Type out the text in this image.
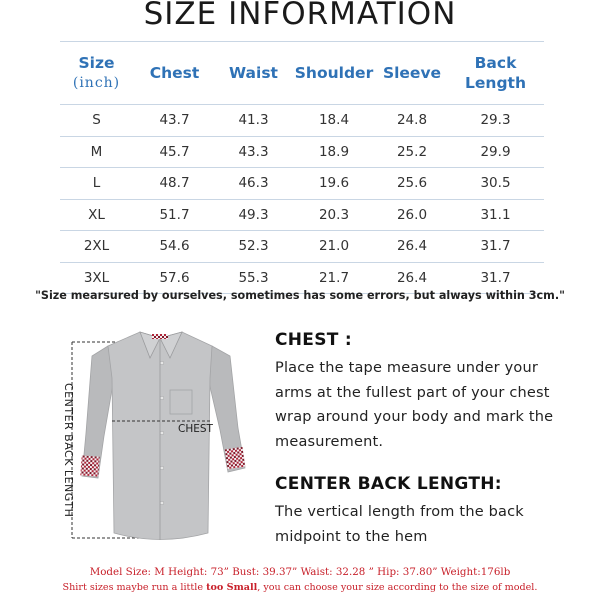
SIZE INFORMATION
Size
(inch)	Chest	Waist	Shoulder	Sleeve	Back
Length
S	43.7	41.3	18.4	24.8	29.3
M	45.7	43.3	18.9	25.2	29.9
L	48.7	46.3	19.6	25.6	30.5
XL	51.7	49.3	20.3	26.0	31.1
2XL	54.6	52.3	21.0	26.4	31.7
3XL	57.6	55.3	21.7	26.4	31.7
"Size mearsured by ourselves, sometimes has some errors, but always within 3cm."
CENTER BACK LENGTH	CHEST
CHEST :

Place the tape measure under your arms at the fullest part of your chest wrap around your body and mark the measurement.

CENTER BACK LENGTH:

The vertical length from the back midpoint to the hem

Model Size: M Height: 73” Bust: 39.37” Waist: 32.28 ” Hip: 37.80” Weight:176lb
Shirt sizes maybe run a little too Small, you can choose your size according to the size of model.
